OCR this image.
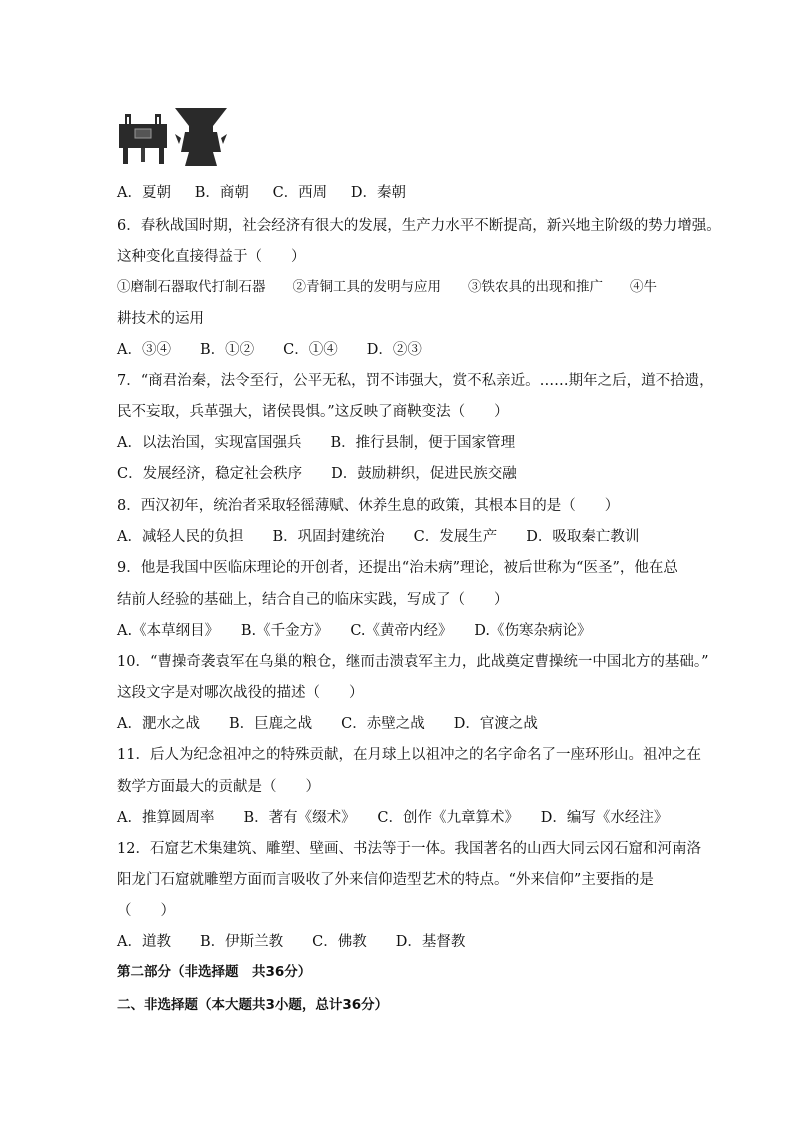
A．夏朝　  B．商朝　  C．西周　  D．秦朝
6．春秋战国时期，社会经济有很大的发展，生产力水平不断提高，新兴地主阶级的势力增强。
这种变化直接得益于（　　）
①磨制石器取代打制石器　　②青铜工具的发明与应用　　③铁农具的出现和推广　　④牛
耕技术的运用
A．③④　　B．①②　　C．①④　　D．②③
7．“商君治秦，法令至行，公平无私，罚不讳强大，赏不私亲近。……期年之后，道不拾遗，
民不妄取，兵革强大，诸侯畏惧。”这反映了商鞅变法（　　）
A．以法治国，实现富国强兵　　B．推行县制，便于国家管理
C．发展经济，稳定社会秩序　　D．鼓励耕织，促进民族交融
8．西汉初年，统治者采取轻徭薄赋、休养生息的政策，其根本目的是（　　）
A．减轻人民的负担　　B．巩固封建统治　　C．发展生产　　D．吸取秦亡教训
9．他是我国中医临床理论的开创者，还提出“治未病”理论，被后世称为“医圣”，他在总
结前人经验的基础上，结合自己的临床实践，写成了（　　）
A.《本草纲目》　　B.《千金方》　　C.《黄帝内经》　　D.《伤寒杂病论》
10．“曹操奇袭袁军在乌巢的粮仓，继而击溃袁军主力，此战奠定曹操统一中国北方的基础。”
这段文字是对哪次战役的描述（　　）
A．淝水之战　　B．巨鹿之战　　C．赤壁之战　　D．官渡之战
11．后人为纪念祖冲之的特殊贡献，在月球上以祖冲之的名字命名了一座环形山。祖冲之在
数学方面最大的贡献是（　　）
A．推算圆周率　　B．著有《缀术》　　C．创作《九章算术》　　D．编写《水经注》
12．石窟艺术集建筑、雕塑、壁画、书法等于一体。我国著名的山西大同云冈石窟和河南洛
阳龙门石窟就雕塑方面而言吸收了外来信仰造型艺术的特点。“外来信仰”主要指的是
（　　）
A．道教　　B．伊斯兰教　　C．佛教　　D．基督教
第二部分（非选择题　共36分）
二、非选择题（本大题共3小题，总计36分）
